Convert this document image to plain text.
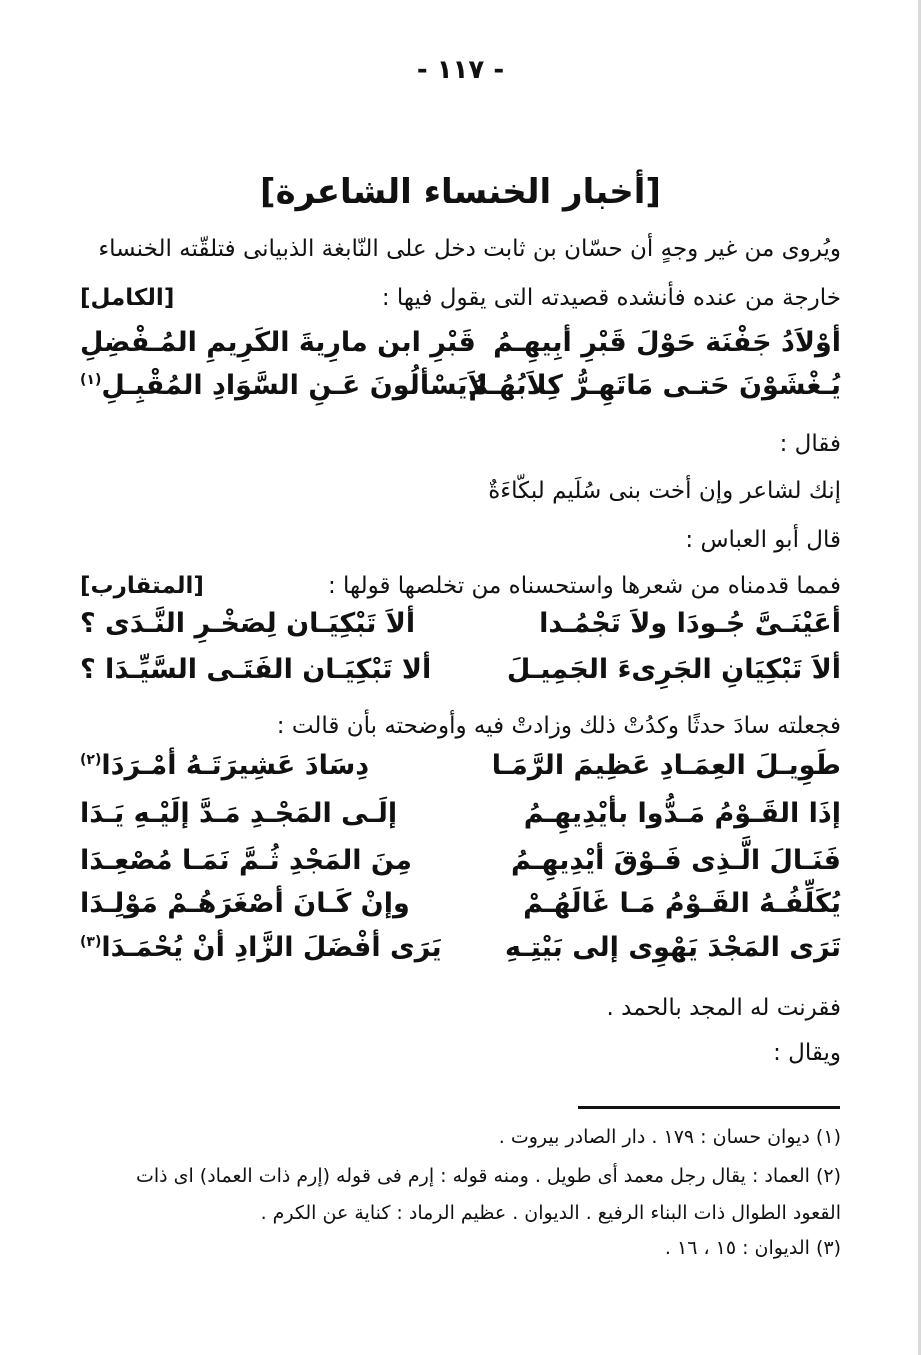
- ١١٧ -
[أخبار الخنساء الشاعرة]
ويُروى من غير وجهٍ أن حسّان بن ثابت دخل على النّابغة الذبيانى فتلقّته الخنساء
خارجة من عنده فأنشده قصيدته التى يقول فيها :
[الكامل]
أوْلاَدُ جَفْنَة حَوْلَ قَبْرِ أبِيهِـمُ
قَبْرِ ابن مارِيةَ الكَرِيمِ المُـفْضِلِ
يُـغْشَوْنَ حَتـى مَاتَهِـرُّ كِلاَبُهُـمُ
لاَيَسْألُونَ عَـنِ السَّوَادِ المُقْبِـلِ$^{(١)}$
فقال :
إنك لشاعر وإن أخت بنى سُلَيم لبكّاءَةٌ
قال أبو العباس :
فمما قدمناه من شعرها واستحسناه من تخلصها قولها :
[المتقارب]
أعَيْنَـىَّ جُـودَا ولاَ تَجْمُـدا
ألاَ تَبْكِيَـان لِصَخْـرِ النَّـدَى ؟
ألاَ تَبْكِيَانِ الجَرِىءَ الجَمِيـلَ
ألا تَبْكِيَـان الفَتَـى السَّيِّـدَا ؟
فجعلته سادَ حدثًا وكدُتْ ذلك وزادتْ فيه وأوضحته بأن قالت :
طَوِيـلَ العِمَـادِ عَظِيمَ الرَّمَـا
دِسَادَ عَشِيرَتَـهُ أمْـرَدَا$^{(٢)}$
إذَا القَـوْمُ مَـدُّوا بأيْدِيهِـمُ
إلَـى المَجْـدِ مَـدَّ إلَيْـهِ يَـدَا
فَنَـالَ الَّـذِى فَـوْقَ أيْدِيهِـمُ
مِنَ المَجْدِ ثُـمَّ نَمَـا مُصْعِـدَا
يُكَلِّفُـهُ القَـوْمُ مَـا غَالَهُـمْ
وإنْ كَـانَ أصْغَرَهُـمْ مَوْلِـدَا
تَرَى المَجْدَ يَهْوِى إلى بَيْتِـهِ
يَرَى أفْضَلَ الزَّادِ أنْ يُحْمَـدَا$^{(٣)}$
فقرنت له المجد بالحمد .
ويقال :
(١) ديوان حسان : ١٧٩ . دار الصادر بيروت .
(٢) العماد : يقال رجل معمد أى طويل . ومنه قوله : إرم فى قوله (إرم ذات العماد) اى ذات
القعود الطوال ذات البناء الرفيع . الديوان . عظيم الرماد : كناية عن الكرم .
(٣) الديوان : ١٥ ، ١٦ .
